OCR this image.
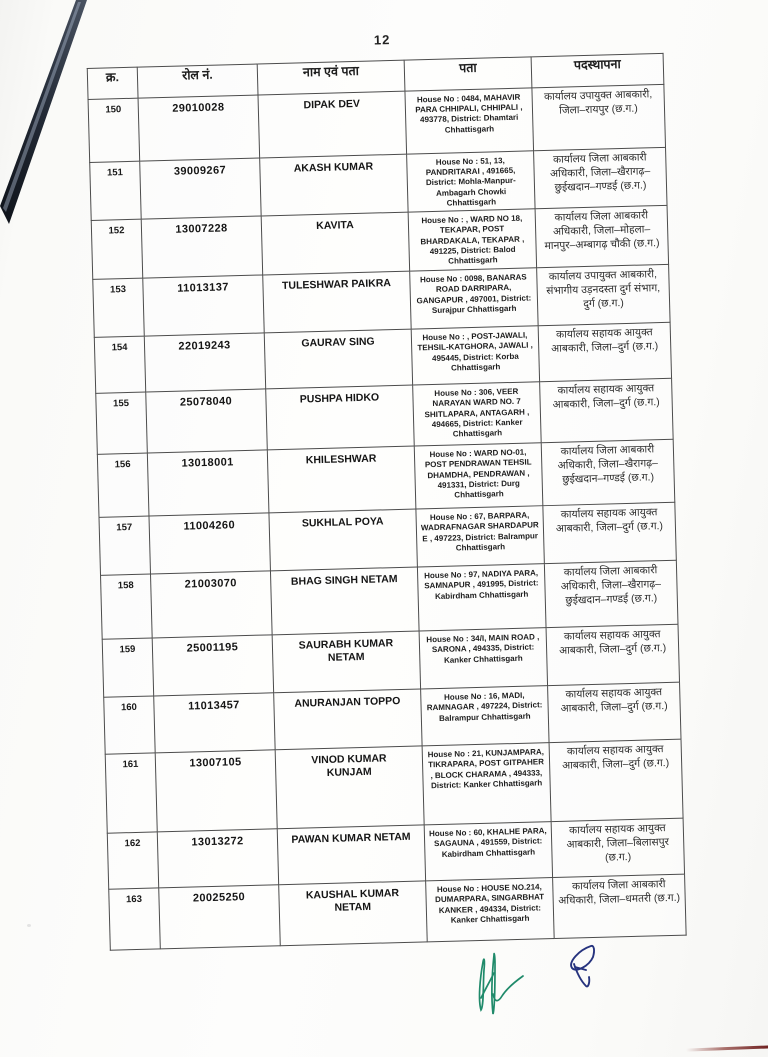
12
क्र.	रोल नं.	नाम एवं पता	पता	पदस्थापना
150	29010028	DIPAK DEV	House No : 0484, MAHAVIR PARA CHHIPALI, CHHIPALI , 493778, District: Dhamtari Chhattisgarh	कार्यालय उपायुक्त आबकारी, जिला–रायपुर (छ.ग.)
151	39009267	AKASH KUMAR	House No : 51, 13, PANDRITARAI , 491665, District: Mohla-Manpur-Ambagarh Chowki Chhattisgarh	कार्यालय जिला आबकारी अधिकारी, जिला–खैरागढ़–छुईखदान–गण्डई (छ.ग.)
152	13007228	KAVITA	House No : , WARD NO 18, TEKAPAR, POST BHARDAKALA, TEKAPAR , 491225, District: Balod Chhattisgarh	कार्यालय जिला आबकारी अधिकारी, जिला–मोहला–मानपुर–अम्बागढ़ चौकी (छ.ग.)
153	11013137	TULESHWAR PAIKRA	House No : 0098, BANARAS ROAD DARRIPARA, GANGAPUR , 497001, District: Surajpur Chhattisgarh	कार्यालय उपायुक्त आबकारी, संभागीय उड़नदस्ता दुर्ग संभाग, दुर्ग (छ.ग.)
154	22019243	GAURAV SING	House No : , POST-JAWALI, TEHSIL-KATGHORA, JAWALI , 495445, District: Korba Chhattisgarh	कार्यालय सहायक आयुक्त आबकारी, जिला–दुर्ग (छ.ग.)
155	25078040	PUSHPA HIDKO	House No : 306, VEER NARAYAN WARD NO. 7 SHITLAPARA, ANTAGARH , 494665, District: Kanker Chhattisgarh	कार्यालय सहायक आयुक्त आबकारी, जिला–दुर्ग (छ.ग.)
156	13018001	KHILESHWAR	House No : WARD NO-01, POST PENDRAWAN TEHSIL DHAMDHA, PENDRAWAN , 491331, District: Durg Chhattisgarh	कार्यालय जिला आबकारी अधिकारी, जिला–खैरागढ़–छुईखदान–गण्डई (छ.ग.)
157	11004260	SUKHLAL POYA	House No : 67, BARPARA, WADRAFNAGAR SHARDAPUR E , 497223, District: Balrampur Chhattisgarh	कार्यालय सहायक आयुक्त आबकारी, जिला–दुर्ग (छ.ग.)
158	21003070	BHAG SINGH NETAM	House No : 97, NADIYA PARA, SAMNAPUR , 491995, District: Kabirdham Chhattisgarh	कार्यालय जिला आबकारी अधिकारी, जिला–खैरागढ़–छुईखदान–गण्डई (छ.ग.)
159	25001195	SAURABH KUMAR NETAM	House No : 34/I, MAIN ROAD , SARONA , 494335, District: Kanker Chhattisgarh	कार्यालय सहायक आयुक्त आबकारी, जिला–दुर्ग (छ.ग.)
160	11013457	ANURANJAN TOPPO	House No : 16, MADI, RAMNAGAR , 497224, District: Balrampur Chhattisgarh	कार्यालय सहायक आयुक्त आबकारी, जिला–दुर्ग (छ.ग.)
161	13007105	VINOD KUMAR KUNJAM	House No : 21, KUNJAMPARA, TIKRAPARA, POST GITPAHER , BLOCK CHARAMA , 494333, District: Kanker Chhattisgarh	कार्यालय सहायक आयुक्त आबकारी, जिला–दुर्ग (छ.ग.)
162	13013272	PAWAN KUMAR NETAM	House No : 60, KHALHE PARA, SAGAUNA , 491559, District: Kabirdham Chhattisgarh	कार्यालय सहायक आयुक्त आबकारी, जिला–बिलासपुर (छ.ग.)
163	20025250	KAUSHAL KUMAR NETAM	House No : HOUSE NO.214, DUMARPARA, SINGARBHAT KANKER , 494334, District: Kanker Chhattisgarh	कार्यालय जिला आबकारी अधिकारी, जिला–धमतरी (छ.ग.)
